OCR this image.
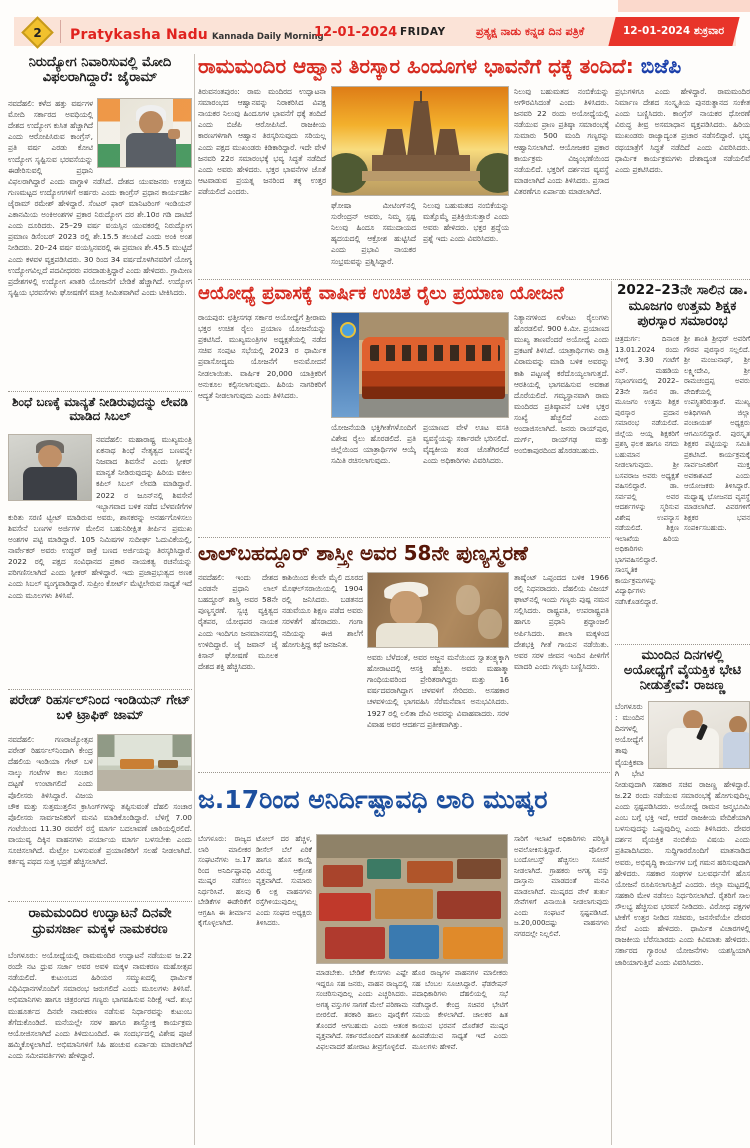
2	Pratykasha Nadu Kannada Daily Morning
12-01-2024 FRIDAY	ಪ್ರತ್ಯಕ್ಷ ನಾಡು ಕನ್ನಡ ದಿನ ಪತ್ರಿಕೆ	12-01-2024 ಶುಕ್ರವಾರ
ನಿರುದ್ಯೋಗ ನಿವಾರಿಸುವಲ್ಲಿ ಮೋದಿ ವಿಫಲರಾಗಿದ್ದಾರೆ: ಜೈರಾಮ್
ನವದೆಹಲಿ: ಕಳೆದ ಹತ್ತು ವರ್ಷಗಳ ಮೋದಿ ಸರ್ಕಾರದ ಅವಧಿಯಲ್ಲಿ ದೇಶದ ಉದ್ಯೋಗ ಕುಸಿತ ಹೆಚ್ಚಾಗಿದೆ ಎಂದು ಆರೋಪಿಸಿರುವ ಕಾಂಗ್ರೆಸ್, ಪ್ರತಿ ವರ್ಷ ಎರಡು ಕೋಟಿ ಉದ್ಯೋಗ ಸೃಷ್ಟಿಸುವ ಭರವಸೆಯನ್ನು ಈಡೇರಿಸುವಲ್ಲಿ ಪ್ರಧಾನಿ ವಿಫಲರಾಗಿದ್ದಾರೆ ಎಂದು ವಾಗ್ದಾಳಿ ನಡೆಸಿದೆ. ದೇಶದ ಯುವಜನರು ಉತ್ತಮ ಗುಣಮಟ್ಟದ ಉದ್ಯೋಗಗಳಿಗೆ ಅರ್ಹರು ಎಂದು ಕಾಂಗ್ರೆಸ್ ಪ್ರಧಾನ ಕಾರ್ಯದರ್ಶಿ ಜೈರಾಮ್ ರಮೇಶ್ ಹೇಳಿದ್ದಾರೆ. ಸೆಂಟರ್ ಫಾರ್ ಮಾನಿಟರಿಂಗ್ ಇಂಡಿಯನ್ ಎಕಾನಮಿಯ ಅಂಕಿಅಂಶಗಳ ಪ್ರಕಾರ ನಿರುದ್ಯೋಗ ದರ ಶೇ.10ರ ಗಡಿ ದಾಟಿದೆ ಎಂದು ದೂರಿದರು. 25–29 ವರ್ಷ ವಯಸ್ಸಿನ ಯುವಕರಲ್ಲಿ ನಿರುದ್ಯೋಗ ಪ್ರಮಾಣ ಡಿಸೆಂಬರ್ 2023 ರಲ್ಲಿ ಶೇ.15.5 ತಲುಪಿದೆ ಎಂದು ಅಂಕಿ ಅಂಶ ನೀಡಿದರು. 20–24 ವರ್ಷ ವಯಸ್ಸಿನವರಲ್ಲಿ ಈ ಪ್ರಮಾಣ ಶೇ.45.5 ಮುಟ್ಟಿದೆ ಎಂದು ಕಳವಳ ವ್ಯಕ್ತಪಡಿಸಿದರು. 30 ರಿಂದ 34 ವರ್ಷದೊಳಗಿನವರಿಗೆ ಯೋಗ್ಯ ಉದ್ಯೋಗವಿಲ್ಲದೆ ಪದವೀಧರರು ಪರದಾಡುತ್ತಿದ್ದಾರೆ ಎಂದು ಹೇಳಿದರು. ಗ್ರಾಮೀಣ ಪ್ರದೇಶಗಳಲ್ಲಿ ಉದ್ಯೋಗ ಖಾತರಿ ಯೋಜನೆಗೆ ಬೇಡಿಕೆ ಹೆಚ್ಚಾಗಿದೆ. ಉದ್ಯೋಗ ಸೃಷ್ಟಿಯ ಭರವಸೆಗಳು ಘೋಷಣೆಗೆ ಮಾತ್ರ ಸೀಮಿತವಾಗಿವೆ ಎಂದು ಟೀಕಿಸಿದರು.
ಶಿಂಧೆ ಬಣಕ್ಕೆ ಮಾನ್ಯತೆ ನೀಡಿರುವುದನ್ನು ಲೇವಡಿ ಮಾಡಿದ ಸಿಬಲ್
ನವದೆಹಲಿ: ಮಹಾರಾಷ್ಟ್ರ ಮುಖ್ಯಮಂತ್ರಿ ಏಕನಾಥ ಶಿಂಧೆ ನೇತೃತ್ವದ ಬಣವನ್ನೇ ನಿಜವಾದ ಶಿವಸೇನೆ ಎಂದು ಸ್ಪೀಕರ್ ಮಾನ್ಯತೆ ನೀಡಿರುವುದನ್ನು ಹಿರಿಯ ವಕೀಲ ಕಪಿಲ್ ಸಿಬಲ್ ಲೇವಡಿ ಮಾಡಿದ್ದಾರೆ. 2022 ರ ಜೂನ್‌ನಲ್ಲಿ ಶಿವಸೇನೆ ಇಬ್ಭಾಗವಾದ ಬಳಿಕ ನಡೆದ ಬೆಳವಣಿಗೆಗಳ ಕುರಿತು ಸರಣಿ ಟ್ವೀಟ್ ಮಾಡಿರುವ ಅವರು, ಶಾಸಕರನ್ನು ಅನರ್ಹಗೊಳಿಸಲು ಶಿವಸೇನೆ ಬಣಗಳ ಅರ್ಜಿಗಳ ಮೇಲಿನ ಬಹುನಿರೀಕ್ಷಿತ ತೀರ್ಪಿನ ಪ್ರಮುಖ ಅಂಶಗಳ ಪಟ್ಟಿ ಮಾಡಿದ್ದಾರೆ. 105 ನಿಮಿಷಗಳ ಸುದೀರ್ಘ ಓದುವಿಕೆಯಲ್ಲಿ, ನಾರ್ವೇಕರ್ ಅವರು ಉದ್ಧವ್ ಠಾಕ್ರೆ ಬಣದ ಅರ್ಜಿಯನ್ನು ತಿರಸ್ಕರಿಸಿದ್ದಾರೆ. 2022 ರಲ್ಲಿ ಪಕ್ಷದ ಸಂವಿಧಾನದ ಪ್ರಕಾರ ನಾಯಕತ್ವ ರಚನೆಯನ್ನು ಪರಿಗಣಿಸಲಾಗಿದೆ ಎಂದು ಸ್ಪೀಕರ್ ಹೇಳಿದ್ದಾರೆ. ಇದು ಪ್ರಜಾಪ್ರಭುತ್ವದ ಅಣಕ ಎಂದು ಸಿಬಲ್ ವ್ಯಂಗ್ಯವಾಡಿದ್ದಾರೆ. ಸುಪ್ರೀಂ ಕೋರ್ಟ್ ಮೆಟ್ಟಿಲೇರುವ ಸಾಧ್ಯತೆ ಇದೆ ಎಂದು ಮೂಲಗಳು ತಿಳಿಸಿವೆ.
ಪರೇಡ್ ರಿಹರ್ಸಲ್‌ನಿಂದ ಇಂಡಿಯನ್ ಗೇಟ್ ಬಳಿ ಟ್ರಾಫಿಕ್ ಜಾಮ್
ನವದೆಹಲಿ: ಗಣರಾಜ್ಯೋತ್ಸವ ಪರೇಡ್ ರಿಹರ್ಸಲ್‌ನಿಂದಾಗಿ ಕೇಂದ್ರ ದೆಹಲಿಯ ಇಂಡಿಯಾ ಗೇಟ್ ಬಳಿ ನಾಲ್ಕು ಗಂಟೆಗಳ ಕಾಲ ಸಂಚಾರ ದಟ್ಟಣೆ ಉಂಟಾಗಲಿದೆ ಎಂದು ಪೊಲೀಸರು ತಿಳಿಸಿದ್ದಾರೆ. ವಿಜಯ ಚೌಕ ಮತ್ತು ಸುತ್ತಮುತ್ತಲಿನ ಕ್ರಾಸಿಂಗ್‌ಗಳನ್ನು ತಪ್ಪಿಸುವಂತೆ ದೆಹಲಿ ಸಂಚಾರ ಪೊಲೀಸರು ಸಾರ್ವಜನಿಕರಿಗೆ ಮನವಿ ಮಾಡಿಕೊಂಡಿದ್ದಾರೆ. ಬೆಳಿಗ್ಗೆ 7.00 ಗಂಟೆಯಿಂದ 11.30 ರವರೆಗೆ ರಸ್ತೆ ಮಾರ್ಗ ಬದಲಾವಣೆ ಜಾರಿಯಲ್ಲಿರಲಿದೆ. ವಾಯುವ್ಯ ದಿಕ್ಕಿನ ವಾಹನಗಳು ಪರ್ಯಾಯ ಮಾರ್ಗ ಬಳಸಬೇಕು ಎಂದು ಸೂಚಿಸಲಾಗಿದೆ. ಮೆಟ್ರೋ ಬಳಸುವಂತೆ ಪ್ರಯಾಣಿಕರಿಗೆ ಸಲಹೆ ನೀಡಲಾಗಿದೆ. ಕರ್ತವ್ಯ ಪಥದ ಸುತ್ತ ಭದ್ರತೆ ಹೆಚ್ಚಿಸಲಾಗಿದೆ.
ರಾಮಮಂದಿರ ಉದ್ಘಾಟನೆ ದಿನವೇ ಧ್ರುವಸರ್ಜಾ ಮಕ್ಕಳ ನಾಮಕರಣ
ಬೆಂಗಳೂರು: ಅಯೋಧ್ಯೆಯಲ್ಲಿ ರಾಮಮಂದಿರ ಉದ್ಘಾಟನೆ ನಡೆಯುವ ಜ.22 ರಂದೇ ನಟ ಧ್ರುವ ಸರ್ಜಾ ಅವರ ಅವಳಿ ಮಕ್ಕಳ ನಾಮಕರಣ ಮಹೋತ್ಸವ ನಡೆಯಲಿದೆ. ಕುಟುಂಬದ ಹಿರಿಯರ ಸಮ್ಮುಖದಲ್ಲಿ ಧಾರ್ಮಿಕ ವಿಧಿವಿಧಾನಗಳೊಂದಿಗೆ ಸಮಾರಂಭ ಜರುಗಲಿದೆ ಎಂದು ಮೂಲಗಳು ತಿಳಿಸಿವೆ. ಅಭಿಮಾನಿಗಳು ಹಾಗೂ ಚಿತ್ರರಂಗದ ಗಣ್ಯರು ಭಾಗವಹಿಸುವ ನಿರೀಕ್ಷೆ ಇದೆ. ಶುಭ ಮುಹೂರ್ತದ ದಿನವೇ ನಾಮಕರಣ ನಡೆಸುವ ನಿರ್ಧಾರವನ್ನು ಕುಟುಂಬ ತೆಗೆದುಕೊಂಡಿದೆ. ಮನೆಯಲ್ಲೇ ಸರಳ ಹಾಗೂ ಶಾಸ್ತ್ರೋಕ್ತ ಕಾರ್ಯಕ್ರಮ ಆಯೋಜಿಸಲಾಗಿದೆ ಎಂದು ತಿಳಿದುಬಂದಿದೆ. ಈ ಸಂದರ್ಭದಲ್ಲಿ ವಿಶೇಷ ಪೂಜೆ ಹಮ್ಮಿಕೊಳ್ಳಲಾಗಿದೆ. ಅಭಿಮಾನಿಗಳಿಗೆ ಸಿಹಿ ಹಂಚುವ ಏರ್ಪಾಡು ಮಾಡಲಾಗಿದೆ ಎಂದು ಸಮೀಪವರ್ತಿಗಳು ಹೇಳಿದ್ದಾರೆ.
ರಾಮಮಂದಿರ ಆಹ್ವಾನ ತಿರಸ್ಕಾರ ಹಿಂದೂಗಳ ಭಾವನೆಗೆ ಧಕ್ಕೆ ತಂದಿದೆ: ಬಿಜೆಪಿ
ತಿರುವನಂತಪುರಂ: ರಾಮ ಮಂದಿರದ ಉದ್ಘಾಟನಾ ಸಮಾರಂಭದ ಆಹ್ವಾನವನ್ನು ನಿರಾಕರಿಸಿದ ವಿಪಕ್ಷ ನಾಯಕರ ನಿಲುವು ಹಿಂದೂಗಳ ಭಾವನೆಗೆ ಧಕ್ಕೆ ತಂದಿದೆ ಎಂದು ಬಿಜೆಪಿ ಆರೋಪಿಸಿದೆ. ರಾಜಕೀಯ ಕಾರಣಗಳಿಗಾಗಿ ಆಹ್ವಾನ ತಿರಸ್ಕರಿಸುವುದು ಸರಿಯಲ್ಲ ಎಂದು ಪಕ್ಷದ ಮುಖಂಡರು ಕಿಡಿಕಾರಿದ್ದಾರೆ. ಇದೇ ವೇಳೆ ಜನವರಿ 22ರ ಸಮಾರಂಭಕ್ಕೆ ಭವ್ಯ ಸಿದ್ಧತೆ ನಡೆದಿದೆ ಎಂದು ಅವರು ಹೇಳಿದರು. ಭಕ್ತರ ಭಾವನೆಗಳ ಜೊತೆ ಆಟವಾಡುವ ಪ್ರಯತ್ನ ಜನರಿಂದ ತಕ್ಕ ಉತ್ತರ ಪಡೆಯಲಿದೆ ಎಂದರು.
ಘೋಷಾ ಮೀಟಿಂಗ್‌ನಲ್ಲಿ ಸುರೇಂದ್ರನ್ ಅವರು, ನಿಮ್ಮ ಸ್ಪಷ್ಟ ನಿಲುವು ಹಿಂದೂ ಸಮುದಾಯದ ಹೃದಯದಲ್ಲಿ ಆಕ್ರೋಶ ಹುಟ್ಟಿಸಿದೆ ಎಂದು ಪ್ರಭಾವಿ ನಾಯಕರ ಸಂಭ್ರಮವನ್ನು ಪ್ರಶ್ನಿಸಿದ್ದಾರೆ.
ನಿಲುವು ಬಹುಮತದ ನಂಬಿಕೆಯನ್ನು ಮತ್ತೊಮ್ಮೆ ಪ್ರತಿಕ್ರಿಯಿಸುತ್ತಾರೆ ಎಂದು ಅವರು ಹೇಳಿದರು. ಭಕ್ತರ ಶ್ರದ್ಧೆಯ ಪ್ರಶ್ನೆ ಇದು ಎಂದು ವಿವರಿಸಿದರು.
ನಿಲುವು ಬಹುಮತದ ನಂಬಿಕೆಯನ್ನು ಅಗೌರವಿಸಿದಂತೆ ಎಂದು ತಿಳಿಸಿದರು. ಜನವರಿ 22 ರಂದು ಅಯೋಧ್ಯೆಯಲ್ಲಿ ನಡೆಯುವ ಪ್ರಾಣ ಪ್ರತಿಷ್ಠಾ ಸಮಾರಂಭಕ್ಕೆ ಸುಮಾರು 500 ಮಂದಿ ಗಣ್ಯರನ್ನು ಆಹ್ವಾನಿಸಲಾಗಿದೆ. ಆಯೋಜಕರ ಪ್ರಕಾರ ಕಾರ್ಯಕ್ರಮ ವಿಜೃಂಭಣೆಯಿಂದ ನಡೆಯಲಿದೆ. ಭಕ್ತರಿಗೆ ದರ್ಶನದ ವ್ಯವಸ್ಥೆ ಮಾಡಲಾಗಿದೆ ಎಂದು ತಿಳಿಸಿದರು. ಪ್ರಸಾದ ವಿತರಣೆಗೂ ಏರ್ಪಾಡು ಮಾಡಲಾಗಿದೆ.
ಪ್ರಭುಗಳಿಗೂ ಎಂದು ಹೇಳಿದ್ದಾರೆ. ರಾಮಮಂದಿರ ನಿರ್ಮಾಣ ದೇಶದ ಸಂಸ್ಕೃತಿಯ ಪುನರುತ್ಥಾನದ ಸಂಕೇತ ಎಂದು ಬಣ್ಣಿಸಿದರು. ಕಾಂಗ್ರೆಸ್ ನಾಯಕರ ಧೋರಣೆ ವಿರುದ್ಧ ತೀವ್ರ ಅಸಮಾಧಾನ ವ್ಯಕ್ತಪಡಿಸಿದರು. ಹಿರಿಯ ಮುಖಂಡರು ರಾಜ್ಯಾದ್ಯಂತ ಪ್ರಚಾರ ನಡೆಸಲಿದ್ದಾರೆ. ಭವ್ಯ ರಥಯಾತ್ರೆಗೆ ಸಿದ್ಧತೆ ನಡೆದಿದೆ ಎಂದು ವಿವರಿಸಿದರು. ಧಾರ್ಮಿಕ ಕಾರ್ಯಕ್ರಮಗಳು ದೇಶಾದ್ಯಂತ ನಡೆಯಲಿವೆ ಎಂದು ಪ್ರಕಟಿಸಿದರು.
ಆಯೋಧ್ಯೆ ಪ್ರವಾಸಕ್ಕೆ ವಾರ್ಷಿಕ ಉಚಿತ ರೈಲು ಪ್ರಯಾಣ ಯೋಜನೆ
ರಾಯಪುರ: ಛತ್ತೀಸಗಢ ಸರ್ಕಾರ ಅಯೋಧ್ಯೆಗೆ ಶ್ರೀರಾಮ ಭಕ್ತರ ಉಚಿತ ರೈಲು ಪ್ರಯಾಣ ಯೋಜನೆಯನ್ನು ಪ್ರಕಟಿಸಿದೆ. ಮುಖ್ಯಮಂತ್ರಿಗಳ ಅಧ್ಯಕ್ಷತೆಯಲ್ಲಿ ನಡೆದ ಸಚಿವ ಸಂಪುಟ ಸಭೆಯಲ್ಲಿ 2023 ರ ಧಾರ್ಮಿಕ ಪ್ರವಾಸೋದ್ಯಮ ಯೋಜನೆಗೆ ಅನುಮೋದನೆ ನೀಡಲಾಯಿತು. ವಾರ್ಷಿಕ 20,000 ಯಾತ್ರಿಕರಿಗೆ ಅನುಕೂಲ ಕಲ್ಪಿಸಲಾಗುವುದು. ಹಿರಿಯ ನಾಗರಿಕರಿಗೆ ಆದ್ಯತೆ ನೀಡಲಾಗುವುದು ಎಂದು ತಿಳಿಸಿದರು.
ಯೋಜನೆಯಡಿ ಭಕ್ತಿಗೀತೆಗಳೊಂದಿಗೆ ವಿಶೇಷ ರೈಲು ಹೊರಡಲಿದೆ. ಪ್ರತಿ ಜಿಲ್ಲೆಯಿಂದ ಯಾತ್ರಾರ್ಥಿಗಳ ಆಯ್ಕೆ ಸಮಿತಿ ರಚಿಸಲಾಗುವುದು.
ಪ್ರಯಾಣದ ವೇಳೆ ಊಟ ವಸತಿ ವ್ಯವಸ್ಥೆಯನ್ನು ಸರ್ಕಾರವೇ ಭರಿಸಲಿದೆ. ವೈದ್ಯಕೀಯ ತಂಡ ಜೊತೆಗಿರಲಿದೆ ಎಂದು ಅಧಿಕಾರಿಗಳು ವಿವರಿಸಿದರು.
ನಿತ್ಯಾನಗಳಿಂದ ಏಳೆಂಟು ರೈಲುಗಳು ಹೊರಡಲಿವೆ. 900 ಕಿ.ಮೀ. ಪ್ರಯಾಣದ ಮುಖ್ಯ ತಾಣವೆಂದರೆ ಅಯೋಧ್ಯೆ ಎಂದು ಪ್ರಕಟಣೆ ತಿಳಿಸಿದೆ. ಯಾತ್ರಾರ್ಥಿಗಳು ರಾತ್ರಿ ವಿರಾಮವನ್ನು ಮಾಡಿ ಬಳಿಕ ಅವರನ್ನು ಕಾಶಿ ಪಟ್ಟಣಕ್ಕೆ ಕರೆದೊಯ್ಯಲಾಗುತ್ತದೆ. ಆರತಿಯಲ್ಲಿ ಭಾಗವಹಿಸುವ ಅವಕಾಶ ದೊರೆಯಲಿದೆ. ಗಮ್ಯಸ್ಥಾನವಾಗಿ ರಾಮ ಮಂದಿರದ ಪ್ರತಿಷ್ಠಾಪನೆ ಬಳಿಕ ಭಕ್ತರ ಸಂಖ್ಯೆ ಹೆಚ್ಚಲಿದೆ ಎಂದು ಅಂದಾಜಿಸಲಾಗಿದೆ. ಜನರು ರಾಯ್‌ಪುರ, ದುರ್ಗ್, ರಾಯ್‌ಗಢ ಮತ್ತು ಅಂಬಿಕಾಪುರದಿಂದ ಹೊರಡಬಹುದು.
ಲಾಲ್‌ಬಹದ್ದೂರ್ ಶಾಸ್ತ್ರೀ ಅವರ 58ನೇ ಪುಣ್ಯಸ್ಮರಣೆ
ನವದೆಹಲಿ: ಇಂದು ದೇಶದ ಎರಡನೇ ಪ್ರಧಾನಿ ಲಾಲ್ ಬಹದ್ದೂರ್ ಶಾಸ್ತ್ರಿ ಅವರ 58ನೇ ಪುಣ್ಯಸ್ಮರಣೆ. ಸ್ವಚ್ಛ ವ್ಯಕ್ತಿತ್ವದ ರೈತಪರ, ಯೋಧಪರ ನಾಯಕ ಎಂದು ಇಂದಿಗೂ ಜನಮಾನಸದಲ್ಲಿ ಉಳಿದಿದ್ದಾರೆ. ಜೈ ಜವಾನ್ ಜೈ ಕಿಸಾನ್ ಘೋಷಣೆ ಮೂಲಕ ದೇಶದ ಶಕ್ತಿ ಹೆಚ್ಚಿಸಿದರು.
ಕಾಶಿಯಿಂದ ಕೆಲವೇ ಮೈಲಿ ದೂರದ ಮೊಘಲ್‌ಸರಾಯಿಯಲ್ಲಿ 1904 ರಲ್ಲಿ ಜನಿಸಿದರು. ಬಡತನದ ನಡುವೆಯೂ ಶಿಕ್ಷಣ ಪಡೆದ ಅವರು ಸರಳತೆಗೆ ಹೆಸರಾದರು. ಗಂಗಾ ನದಿಯನ್ನು ಈಜಿ ಶಾಲೆಗೆ ಹೋಗುತ್ತಿದ್ದ ಕಥೆ ಜನಜನಿತ.
ಅವರು ಬೆಳೆದಂತೆ, ಅವರ ಅಜ್ಜನ ಮನೆಯಿಂದ ಸ್ವಾತಂತ್ರ್ಯಕ್ಕಾಗಿ ಹೋರಾಟದಲ್ಲಿ ಆಸಕ್ತಿ ಹೆಚ್ಚಿತು. ಅವರು ಮಹಾತ್ಮಾ ಗಾಂಧಿಯವರಿಂದ ಪ್ರೇರಿತರಾಗಿದ್ದರು ಮತ್ತು 16 ವರ್ಷದವರಾಗಿದ್ದಾಗ ಚಳವಳಿಗೆ ಸೇರಿದರು. ಅಸಹಕಾರ ಚಳವಳಿಯಲ್ಲಿ ಭಾಗವಹಿಸಿ ಸೆರೆಮನೆವಾಸ ಅನುಭವಿಸಿದರು. 1927 ರಲ್ಲಿ ಲಲಿತಾ ದೇವಿ ಅವರನ್ನು ವಿವಾಹವಾದರು. ಸರಳ ವಿವಾಹ ಅವರ ಆದರ್ಶದ ಪ್ರತೀಕವಾಗಿತ್ತು.
ತಾಷ್ಕೆಂಟ್ ಒಪ್ಪಂದದ ಬಳಿಕ 1966 ರಲ್ಲಿ ನಿಧನರಾದರು. ದೆಹಲಿಯ ವಿಜಯ್ ಘಾಟ್‌ನಲ್ಲಿ ಇಂದು ಗಣ್ಯರು ಪುಷ್ಪ ನಮನ ಸಲ್ಲಿಸಿದರು. ರಾಷ್ಟ್ರಪತಿ, ಉಪರಾಷ್ಟ್ರಪತಿ ಹಾಗೂ ಪ್ರಧಾನಿ ಶ್ರದ್ಧಾಂಜಲಿ ಅರ್ಪಿಸಿದರು. ಶಾಲಾ ಮಕ್ಕಳಿಂದ ದೇಶಭಕ್ತಿ ಗೀತೆ ಗಾಯನ ನಡೆಯಿತು. ಅವರ ಸರಳ ಜೀವನ ಇಂದಿನ ಪೀಳಿಗೆಗೆ ಮಾದರಿ ಎಂದು ಗಣ್ಯರು ಬಣ್ಣಿಸಿದರು.
ಜ.17ರಿಂದ ಅನಿರ್ದಿಷ್ಟಾವಧಿ ಲಾರಿ ಮುಷ್ಕರ
ಬೆಂಗಳೂರು: ರಾಜ್ಯದ ಲಾರಿ ಮಾಲೀಕರ ಸಂಘಟನೆಗಳು ಜ.17 ರಿಂದ ಅನಿರ್ದಿಷ್ಟಾವಧಿ ಮುಷ್ಕರ ನಡೆಸಲು ನಿರ್ಧರಿಸಿವೆ. ಹಲವು ಬೇಡಿಕೆಗಳ ಈಡೇರಿಕೆಗೆ ಆಗ್ರಹಿಸಿ ಈ ತೀರ್ಮಾನ ಕೈಗೊಳ್ಳಲಾಗಿದೆ.
ಟೋಲ್ ದರ ಹೆಚ್ಚಳ, ಡೀಸೆಲ್ ಬೆಲೆ ಏರಿಕೆ ಹಾಗೂ ಹೊಸ ಕಾಯ್ದೆ ವಿರುದ್ಧ ಆಕ್ರೋಶ ವ್ಯಕ್ತವಾಗಿದೆ. ಸುಮಾರು 6 ಲಕ್ಷ ವಾಹನಗಳು ರಸ್ತೆಗಿಳಿಯುವುದಿಲ್ಲ ಎಂದು ಸಂಘದ ಅಧ್ಯಕ್ಷರು ತಿಳಿಸಿದರು.
ಮಾಡಬೇಕು. ಬೇಡಿಕೆ ಕೆಲಸಗಳು ಎಷ್ಟೇ ಇದ್ದರೂ ಸಹ ಜನರು, ವಾಹನ ರಾಜ್ಯದಲ್ಲಿ ಸಂಚರಿಸುವುದಿಲ್ಲ ಎಂದು ಎಚ್ಚರಿಸಿದರು. ಅಗತ್ಯ ವಸ್ತುಗಳ ಸಾಗಣೆ ಮೇಲೆ ಪರಿಣಾಮ ಬೀರಲಿದೆ. ತರಕಾರಿ ಹಾಲು ಪೂರೈಕೆಗೆ ತೊಂದರೆ ಆಗಬಹುದು ಎಂದು ಆತಂಕ ವ್ಯಕ್ತವಾಗಿದೆ. ಸರ್ಕಾರದೊಂದಿಗೆ ಮಾತುಕತೆ ವಿಫಲವಾದರೆ ಹೋರಾಟ ತೀವ್ರಗೊಳ್ಳಲಿದೆ.
ಹೊರ ರಾಜ್ಯಗಳ ವಾಹನಗಳ ಮಾಲೀಕರು ಸಹ ಬೆಂಬಲ ಸೂಚಿಸಿದ್ದಾರೆ. ಫೆಡರೇಷನ್ ಪದಾಧಿಕಾರಿಗಳು ದೆಹಲಿಯಲ್ಲಿ ಸಭೆ ನಡೆಸಿದ್ದಾರೆ. ಕೇಂದ್ರ ಸಚಿವರ ಭೇಟಿಗೆ ಸಮಯ ಕೇಳಲಾಗಿದೆ. ಚಾಲಕರ ಹಿತ ಕಾಯುವ ಭರವಸೆ ದೊರೆತರೆ ಮುಷ್ಕರ ಹಿಂಪಡೆಯುವ ಸಾಧ್ಯತೆ ಇದೆ ಎಂದು ಮೂಲಗಳು ಹೇಳಿವೆ.
ಸಾರಿಗೆ ಇಲಾಖೆ ಅಧಿಕಾರಿಗಳು ಪರಿಸ್ಥಿತಿ ಅವಲೋಕಿಸುತ್ತಿದ್ದಾರೆ. ಪೊಲೀಸ್ ಬಂದೋಬಸ್ತ್ ಹೆಚ್ಚಿಸಲು ಸೂಚನೆ ನೀಡಲಾಗಿದೆ. ಗ್ರಾಹಕರು ಅಗತ್ಯ ವಸ್ತು ದಾಸ್ತಾನು ಮಾಡದಂತೆ ಮನವಿ ಮಾಡಲಾಗಿದೆ. ಮುಷ್ಕರದ ವೇಳೆ ತುರ್ತು ಸೇವೆಗಳಿಗೆ ವಿನಾಯಿತಿ ನೀಡಲಾಗುವುದು ಎಂದು ಸಂಘಟನೆ ಸ್ಪಷ್ಟಪಡಿಸಿದೆ. ಜ.20,000ದಷ್ಟು ವಾಹನಗಳು ನಗರದಲ್ಲೇ ನಿಲ್ಲಲಿವೆ.
2022–23ನೇ ಸಾಲಿನ ಡಾ. ಮೂಜಗಂ ಉತ್ತಮ ಶಿಕ್ಷಕ ಪುರಸ್ಕಾರ ಸಮಾರಂಭ
ಚಿತ್ರದುರ್ಗ: ದಿನಾಂಕ 13.01.2024 ರಂದು ಬೆಳಿಗ್ಗೆ 3.30 ಗಂಟೆಗೆ ಎನ್. ಮಹಡಿಯ ಸಭಾಂಗಣದಲ್ಲಿ 2022–23ನೇ ಸಾಲಿನ ಡಾ. ಮೂಜಗಂ ಉತ್ತಮ ಶಿಕ್ಷಕ ಪುರಸ್ಕಾರ ಪ್ರದಾನ ಸಮಾರಂಭ ನಡೆಯಲಿದೆ. ಜಿಲ್ಲೆಯ ಆಯ್ದ ಶಿಕ್ಷಕರಿಗೆ ಪ್ರಶಸ್ತಿ ಫಲಕ ಹಾಗೂ ನಗದು ಬಹುಮಾನ ನೀಡಲಾಗುವುದು. ಶ್ರೀ ಬಸವರಾಜ ಅವರು ಅಧ್ಯಕ್ಷತೆ ವಹಿಸಲಿದ್ದಾರೆ. ಡಾ. ಸರ್ವಪಲ್ಲಿ ಅವರ ಆದರ್ಶಗಳನ್ನು ಸ್ಮರಿಸುವ ವಿಶೇಷ ಉಪನ್ಯಾಸ ನಡೆಯಲಿದೆ. ಶಿಕ್ಷಣ ಇಲಾಖೆಯ ಹಿರಿಯ ಅಧಿಕಾರಿಗಳು ಭಾಗವಹಿಸಲಿದ್ದಾರೆ. ಸಾಂಸ್ಕೃತಿಕ ಕಾರ್ಯಕ್ರಮಗಳನ್ನು ವಿದ್ಯಾರ್ಥಿಗಳು ನಡೆಸಿಕೊಡಲಿದ್ದಾರೆ.
ಶ್ರೀ ಶಾಂತಿ ಶ್ರೀಧರ್ ಅವರಿಗೆ ಗೌರವ ಪುರಸ್ಕಾರ ಸಲ್ಲಲಿದೆ. ಶ್ರೀ ಮಂಜುನಾಥ್, ಶ್ರೀ ಲಕ್ಷ್ಮೀದೇವಿ, ಶ್ರೀ ರಾಮಚಂದ್ರಪ್ಪ ಅವರು ವೇದಿಕೆಯಲ್ಲಿ ಉಪಸ್ಥಿತರಿರುತ್ತಾರೆ. ಮುಖ್ಯ ಅತಿಥಿಗಳಾಗಿ ಜಿಲ್ಲಾ ಪಂಚಾಯತ್ ಅಧ್ಯಕ್ಷರು ಆಗಮಿಸಲಿದ್ದಾರೆ. ಪುರಸ್ಕೃತ ಶಿಕ್ಷಕರ ಪಟ್ಟಿಯನ್ನು ಸಮಿತಿ ಪ್ರಕಟಿಸಿದೆ. ಕಾರ್ಯಕ್ರಮಕ್ಕೆ ಸಾರ್ವಜನಿಕರಿಗೆ ಮುಕ್ತ ಅವಕಾಶವಿದೆ ಎಂದು ಆಯೋಜಕರು ತಿಳಿಸಿದ್ದಾರೆ. ಮಧ್ಯಾಹ್ನ ಭೋಜನದ ವ್ಯವಸ್ಥೆ ಮಾಡಲಾಗಿದೆ. ವಿವರಗಳಿಗೆ ಶಿಕ್ಷಕರ ಭವನ ಸಂಪರ್ಕಿಸಬಹುದು.
ಮುಂದಿನ ದಿನಗಳಲ್ಲಿ ಅಯೋಧ್ಯೆಗೆ ವೈಯಕ್ತಿಕ ಭೇಟಿ ನೀಡುತ್ತೇವೆ: ರಾಜಣ್ಣ
ಬೆಂಗಳೂರು: ಮುಂದಿನ ದಿನಗಳಲ್ಲಿ ಅಯೋಧ್ಯೆಗೆ ತಾವು ವೈಯಕ್ತಿಕವಾಗಿ ಭೇಟಿ ನೀಡುವುದಾಗಿ ಸಹಕಾರ ಸಚಿವ ರಾಜಣ್ಣ ಹೇಳಿದ್ದಾರೆ. ಜ.22 ರಂದು ನಡೆಯುವ ಸಮಾರಂಭಕ್ಕೆ ಹೋಗುವುದಿಲ್ಲ ಎಂದು ಸ್ಪಷ್ಟಪಡಿಸಿದರು. ಅಯೋಧ್ಯೆ ರಾಮನ ಜನ್ಮಭೂಮಿ ಎಂಬ ಬಗ್ಗೆ ಭಕ್ತಿ ಇದೆ, ಆದರೆ ರಾಜಕೀಯ ವೇದಿಕೆಯಾಗಿ ಬಳಸುವುದನ್ನು ಒಪ್ಪುವುದಿಲ್ಲ ಎಂದು ತಿಳಿಸಿದರು. ದೇವರ ದರ್ಶನ ವೈಯಕ್ತಿಕ ನಂಬಿಕೆಯ ವಿಷಯ ಎಂದು ಪ್ರತಿಪಾದಿಸಿದರು. ಸುದ್ದಿಗಾರರೊಂದಿಗೆ ಮಾತನಾಡಿದ ಅವರು, ಅಭಿವೃದ್ಧಿ ಕಾರ್ಯಗಳ ಬಗ್ಗೆ ಗಮನ ಹರಿಸುವುದಾಗಿ ಹೇಳಿದರು. ಸಹಕಾರ ಸಂಘಗಳ ಬಲವರ್ಧನೆಗೆ ಹೊಸ ಯೋಜನೆ ರೂಪಿಸಲಾಗುತ್ತಿದೆ ಎಂದರು. ಜಿಲ್ಲಾ ಮಟ್ಟದಲ್ಲಿ ಸಹಕಾರಿ ಮೇಳ ನಡೆಸಲು ನಿರ್ಧರಿಸಲಾಗಿದೆ. ರೈತರಿಗೆ ಸಾಲ ಸೌಲಭ್ಯ ಹೆಚ್ಚಿಸುವ ಭರವಸೆ ನೀಡಿದರು. ವಿರೋಧ ಪಕ್ಷಗಳ ಟೀಕೆಗೆ ಉತ್ತರ ನೀಡಿದ ಸಚಿವರು, ಜನಸೇವೆಯೇ ದೇವರ ಸೇವೆ ಎಂದು ಹೇಳಿದರು. ಧಾರ್ಮಿಕ ವಿಚಾರಗಳಲ್ಲಿ ರಾಜಕೀಯ ಬೆರೆಸಬಾರದು ಎಂದು ಕಿವಿಮಾತು ಹೇಳಿದರು. ಸರ್ಕಾರದ ಗ್ಯಾರಂಟಿ ಯೋಜನೆಗಳು ಯಶಸ್ವಿಯಾಗಿ ಜಾರಿಯಾಗುತ್ತಿವೆ ಎಂದು ವಿವರಿಸಿದರು.
